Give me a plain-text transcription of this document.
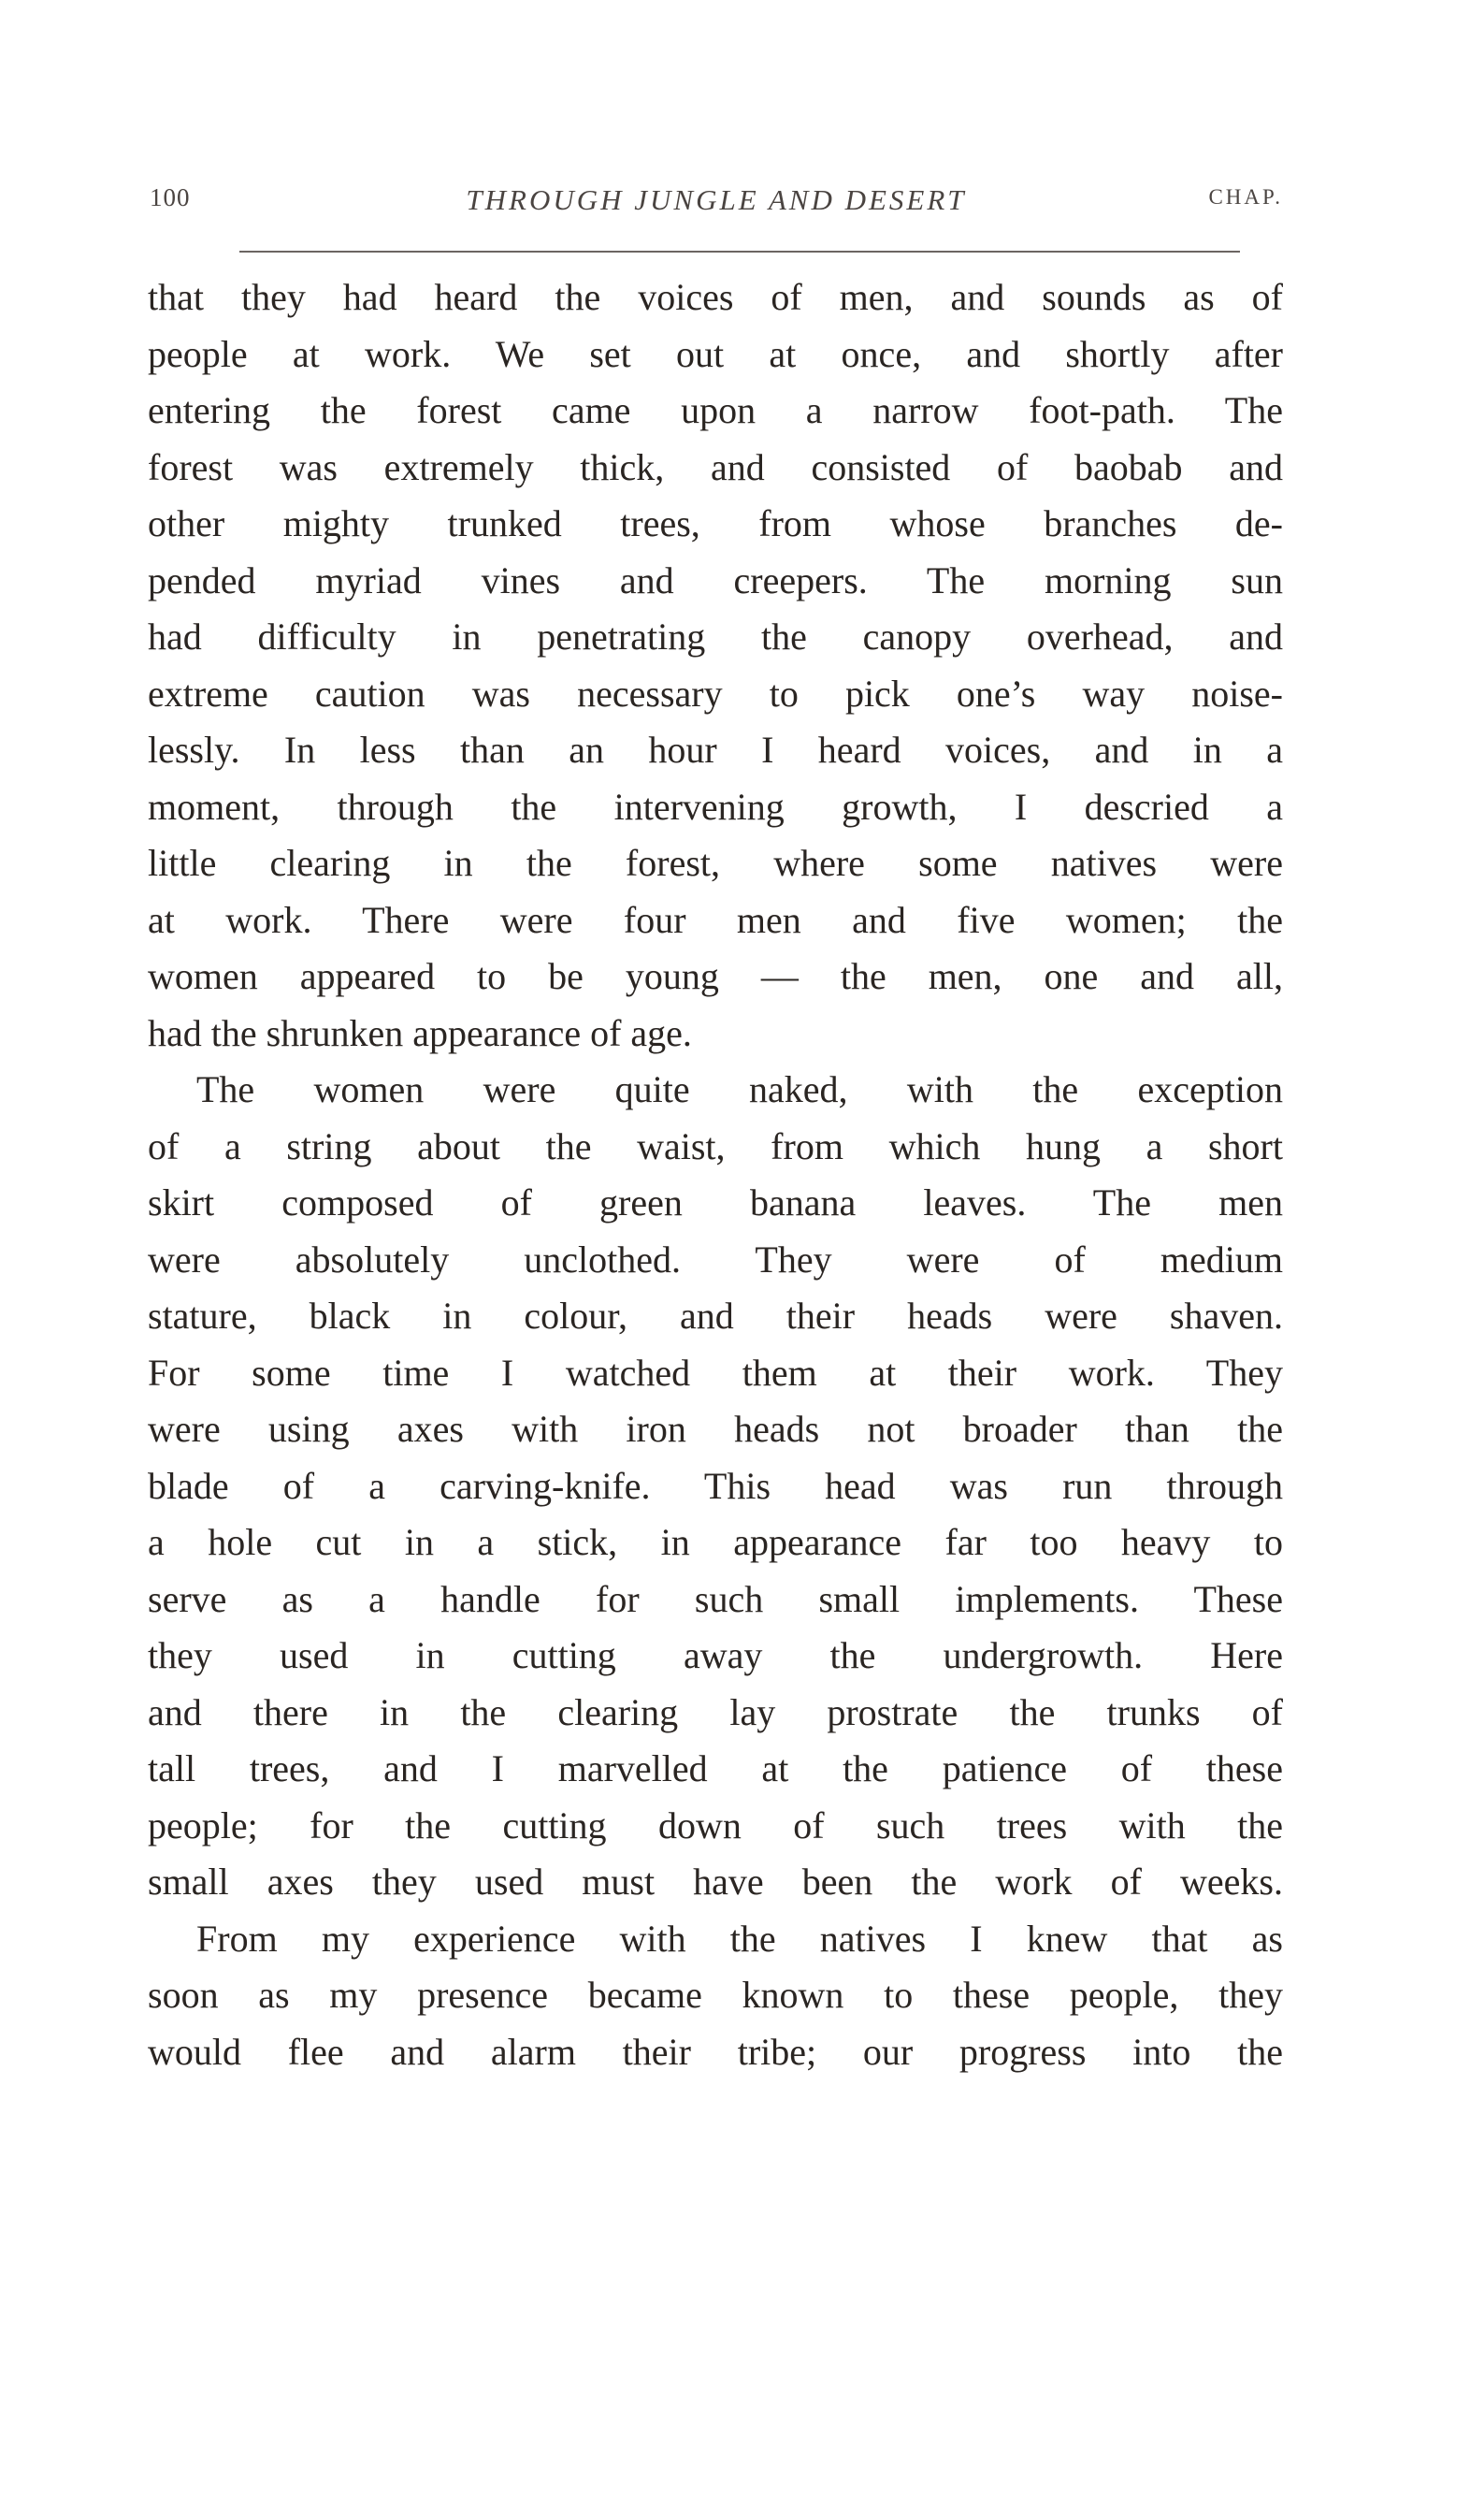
100	THROUGH JUNGLE AND DESERT	CHAP.
that they had heard the voices of men, and sounds as of
people at work. We set out at once, and shortly after
entering the forest came upon a narrow foot-path. The
forest was extremely thick, and consisted of baobab and
other mighty trunked trees, from whose branches de-
pended myriad vines and creepers. The morning sun
had difficulty in penetrating the canopy overhead, and
extreme caution was necessary to pick one’s way noise-
lessly. In less than an hour I heard voices, and in a
moment, through the intervening growth, I descried a
little clearing in the forest, where some natives were
at work. There were four men and five women; the
women appeared to be young — the men, one and all,
had the shrunken appearance of age.
The women were quite naked, with the exception
of a string about the waist, from which hung a short
skirt composed of green banana leaves. The men
were absolutely unclothed. They were of medium
stature, black in colour, and their heads were shaven.
For some time I watched them at their work. They
were using axes with iron heads not broader than the
blade of a carving-knife. This head was run through
a hole cut in a stick, in appearance far too heavy to
serve as a handle for such small implements. These
they used in cutting away the undergrowth. Here
and there in the clearing lay prostrate the trunks of
tall trees, and I marvelled at the patience of these
people; for the cutting down of such trees with the
small axes they used must have been the work of weeks.
From my experience with the natives I knew that as
soon as my presence became known to these people, they
would flee and alarm their tribe; our progress into the
